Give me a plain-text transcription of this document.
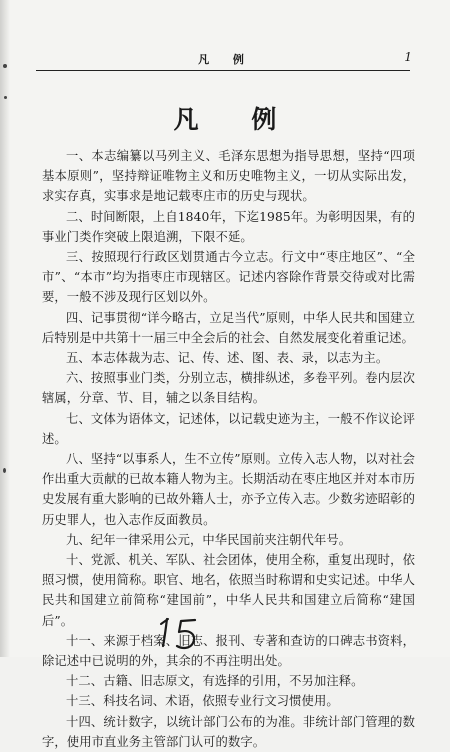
凡 例	1
凡 例

一、本志编纂以马列主义、毛泽东思想为指导思想，坚持“四项基本原则”，坚持辩证唯物主义和历史唯物主义，一切从实际出发，求实存真，实事求是地记载枣庄市的历史与现状。

二、时间断限，上自1840年，下迄1985年。为彰明因果，有的事业门类作突破上限追溯，下限不延。

三、按照现行行政区划贯通古今立志。行文中“枣庄地区”、“全市”、“本市”均为指枣庄市现辖区。记述内容除作背景交待或对比需要，一般不涉及现行区划以外。

四、记事贯彻“详今略古，立足当代”原则，中华人民共和国建立后特别是中共第十一届三中全会后的社会、自然发展变化着重记述。

五、本志体裁为志、记、传、述、图、表、录，以志为主。

六、按照事业门类，分别立志，横排纵述，多卷平列。卷内层次辖属，分章、节、目，辅之以条目结构。

七、文体为语体文，记述体，以记载史迹为主，一般不作议论评述。

八、坚持“以事系人，生不立传”原则。立传入志人物，以对社会作出重大贡献的已故本籍人物为主。长期活动在枣庄地区并对本市历史发展有重大影响的已故外籍人士，亦予立传入志。少数劣迹昭彰的历史罪人，也入志作反面教员。

九、纪年一律采用公元，中华民国前夹注朝代年号。

十、党派、机关、军队、社会团体，使用全称，重复出现时，依照习惯，使用简称。职官、地名，依照当时称谓和史实记述。中华人民共和国建立前简称“建国前”，中华人民共和国建立后简称“建国后”。

十一、来源于档案、旧志、报刊、专著和查访的口碑志书资料，除记述中已说明的外，其余的不再注明出处。

十二、古籍、旧志原文，有选择的引用，不另加注释。

十三、科技名词、术语，依照专业行文习惯使用。

十四、统计数字，以统计部门公布的为准。非统计部门管理的数字，使用市直业务主管部门认可的数字。
